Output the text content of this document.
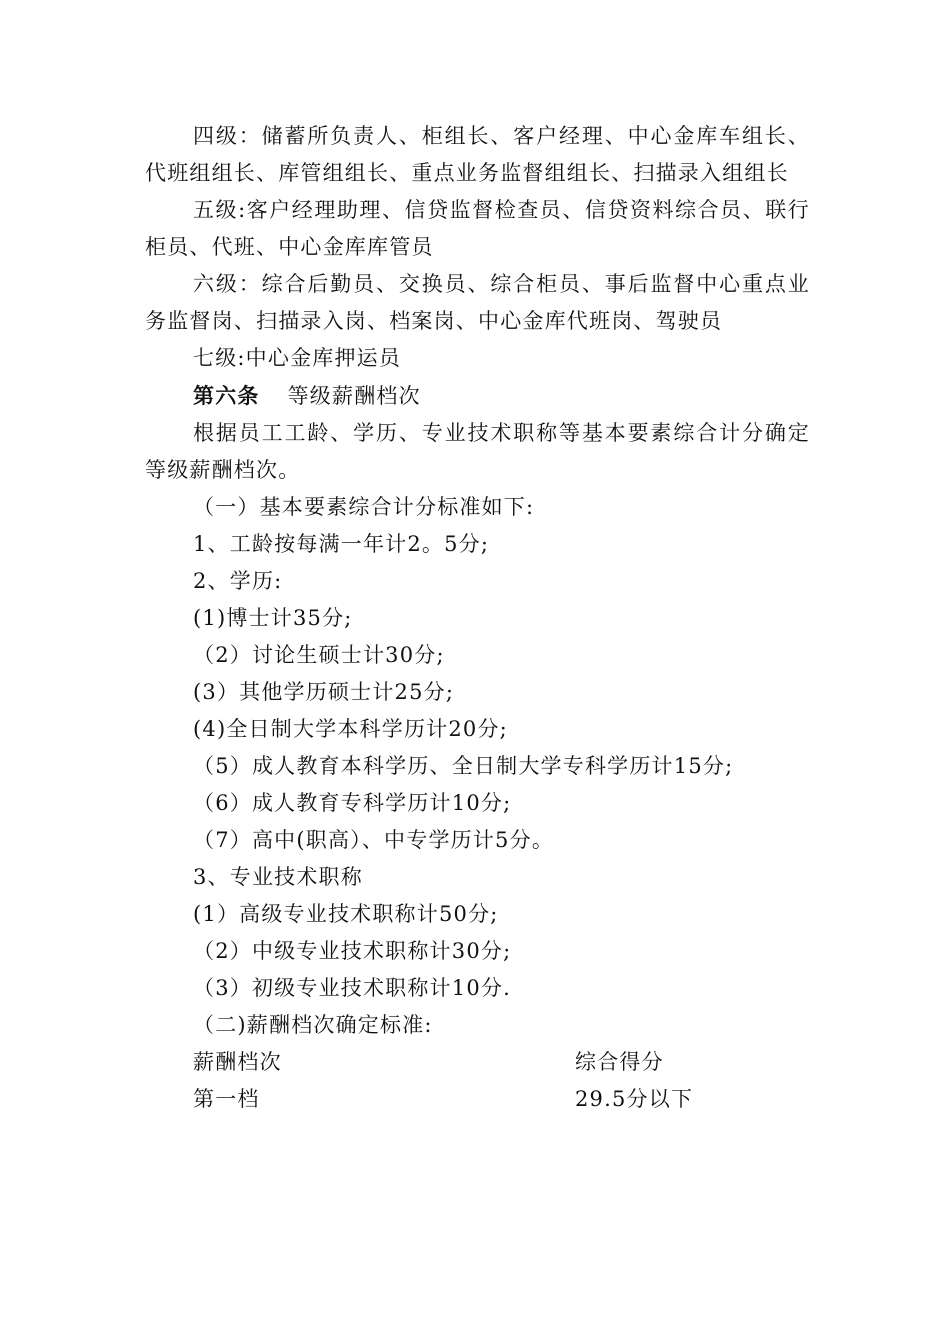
四级：储蓄所负责人、柜组长、客户经理、中心金库车组长、代班组组长、库管组组长、重点业务监督组组长、扫描录入组组长

五级:客户经理助理、信贷监督检查员、信贷资料综合员、联行柜员、代班、中心金库库管员

六级：综合后勤员、交换员、综合柜员、事后监督中心重点业务监督岗、扫描录入岗、档案岗、中心金库代班岗、驾驶员

七级:中心金库押运员

第六条 等级薪酬档次

根据员工工龄、学历、专业技术职称等基本要素综合计分确定等级薪酬档次。

（一）基本要素综合计分标准如下:

1、工龄按每满一年计2。5分;

2、学历:

(1)博士计35分;

（2）讨论生硕士计30分;

(3）其他学历硕士计25分;

(4)全日制大学本科学历计20分;

（5）成人教育本科学历、全日制大学专科学历计15分;

（6）成人教育专科学历计10分;

（7）高中(职高）、中专学历计5分。

3、专业技术职称

(1）高级专业技术职称计50分;

（2）中级专业技术职称计30分;

（3）初级专业技术职称计10分.

（二)薪酬档次确定标准:

薪酬档次	综合得分

第一档	29.5分以下
